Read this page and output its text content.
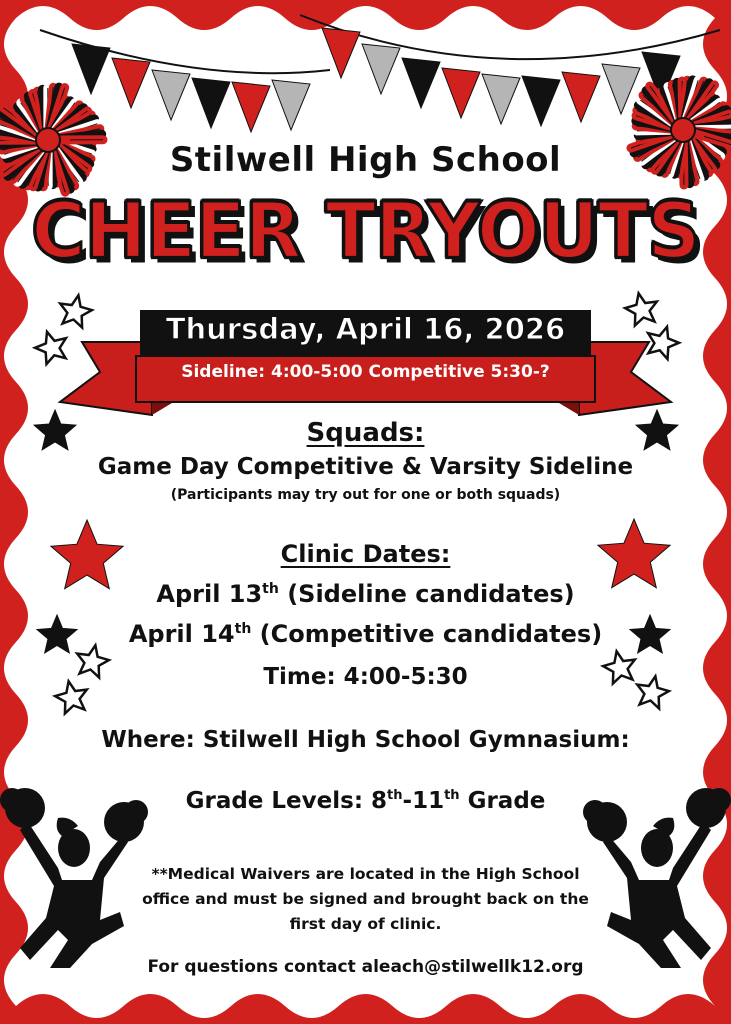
Stilwell High School
CHEER TRYOUTS
Thursday, April 16, 2026
Sideline: 4:00-5:00 Competitive 5:30-?
Squads:
Game Day Competitive & Varsity Sideline
(Participants may try out for one or both squads)
Clinic Dates:
April 13th (Sideline candidates)
April 14th (Competitive candidates)
Time: 4:00-5:30
Where: Stilwell High School Gymnasium:
Grade Levels: 8th-11th Grade
**Medical Waivers are located in the High School office and must be signed and brought back on the first day of clinic.
For questions contact aleach@stilwellk12.org
